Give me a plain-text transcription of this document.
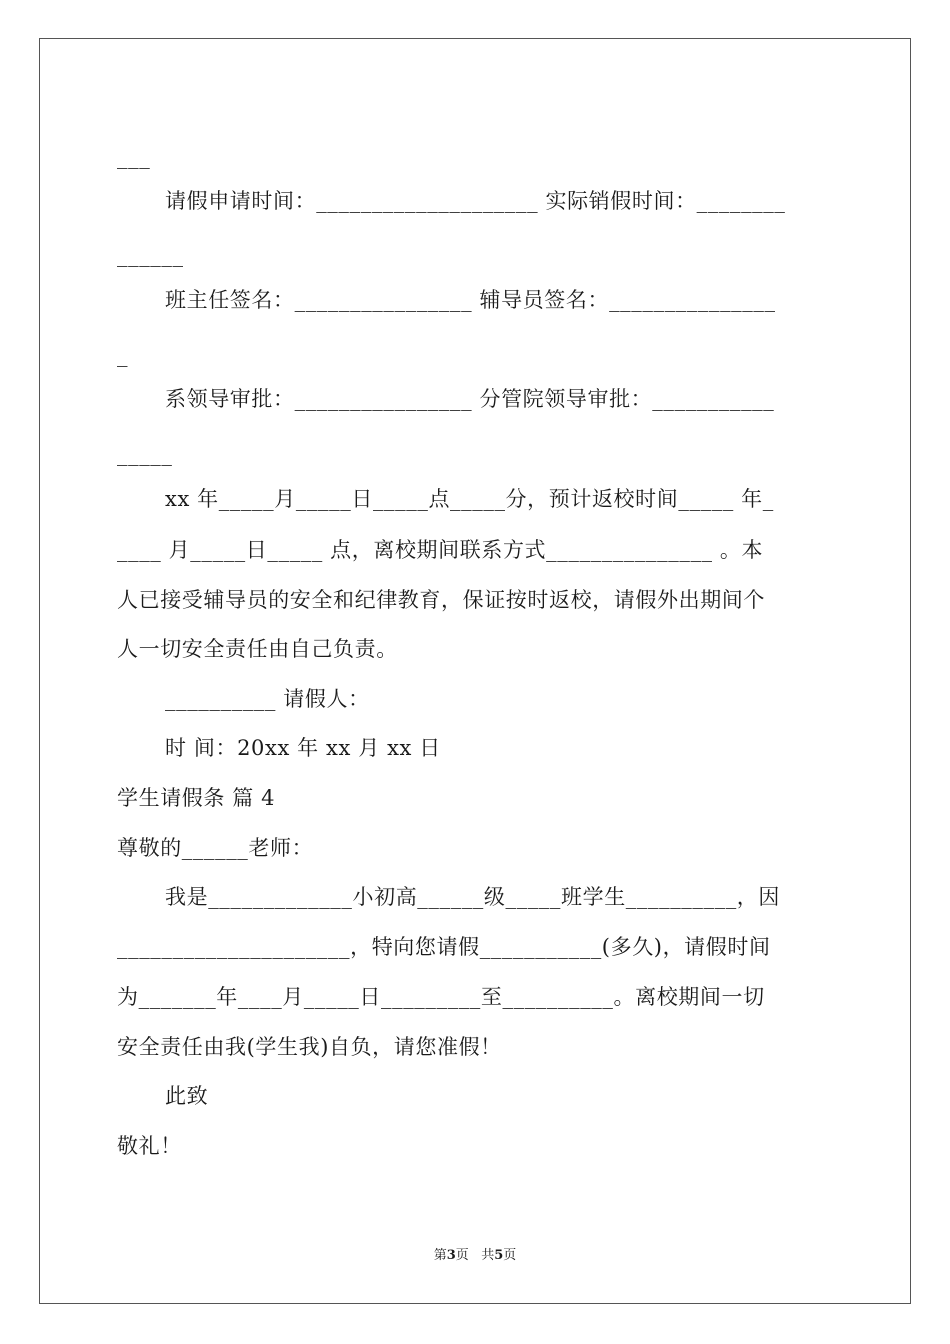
___
请假申请时间：____________________ 实际销假时间：________
______
班主任签名：________________ 辅导员签名：_______________
_
系领导审批：________________ 分管院领导审批：___________
_____
xx 年_____月_____日_____点_____分，预计返校时间_____ 年_
____ 月_____日_____ 点，离校期间联系方式_______________ 。本
人已接受辅导员的安全和纪律教育，保证按时返校，请假外出期间个
人一切安全责任由自己负责。
__________ 请假人：
时 间：20xx 年 xx 月 xx 日
学生请假条 篇 4
尊敬的______老师：
我是_____________小初高______级_____班学生__________，因
_____________________，特向您请假___________(多久)，请假时间
为_______年____月_____日_________至__________。离校期间一切
安全责任由我(学生我)自负，请您准假！
此致
敬礼！
第3页   共5页
